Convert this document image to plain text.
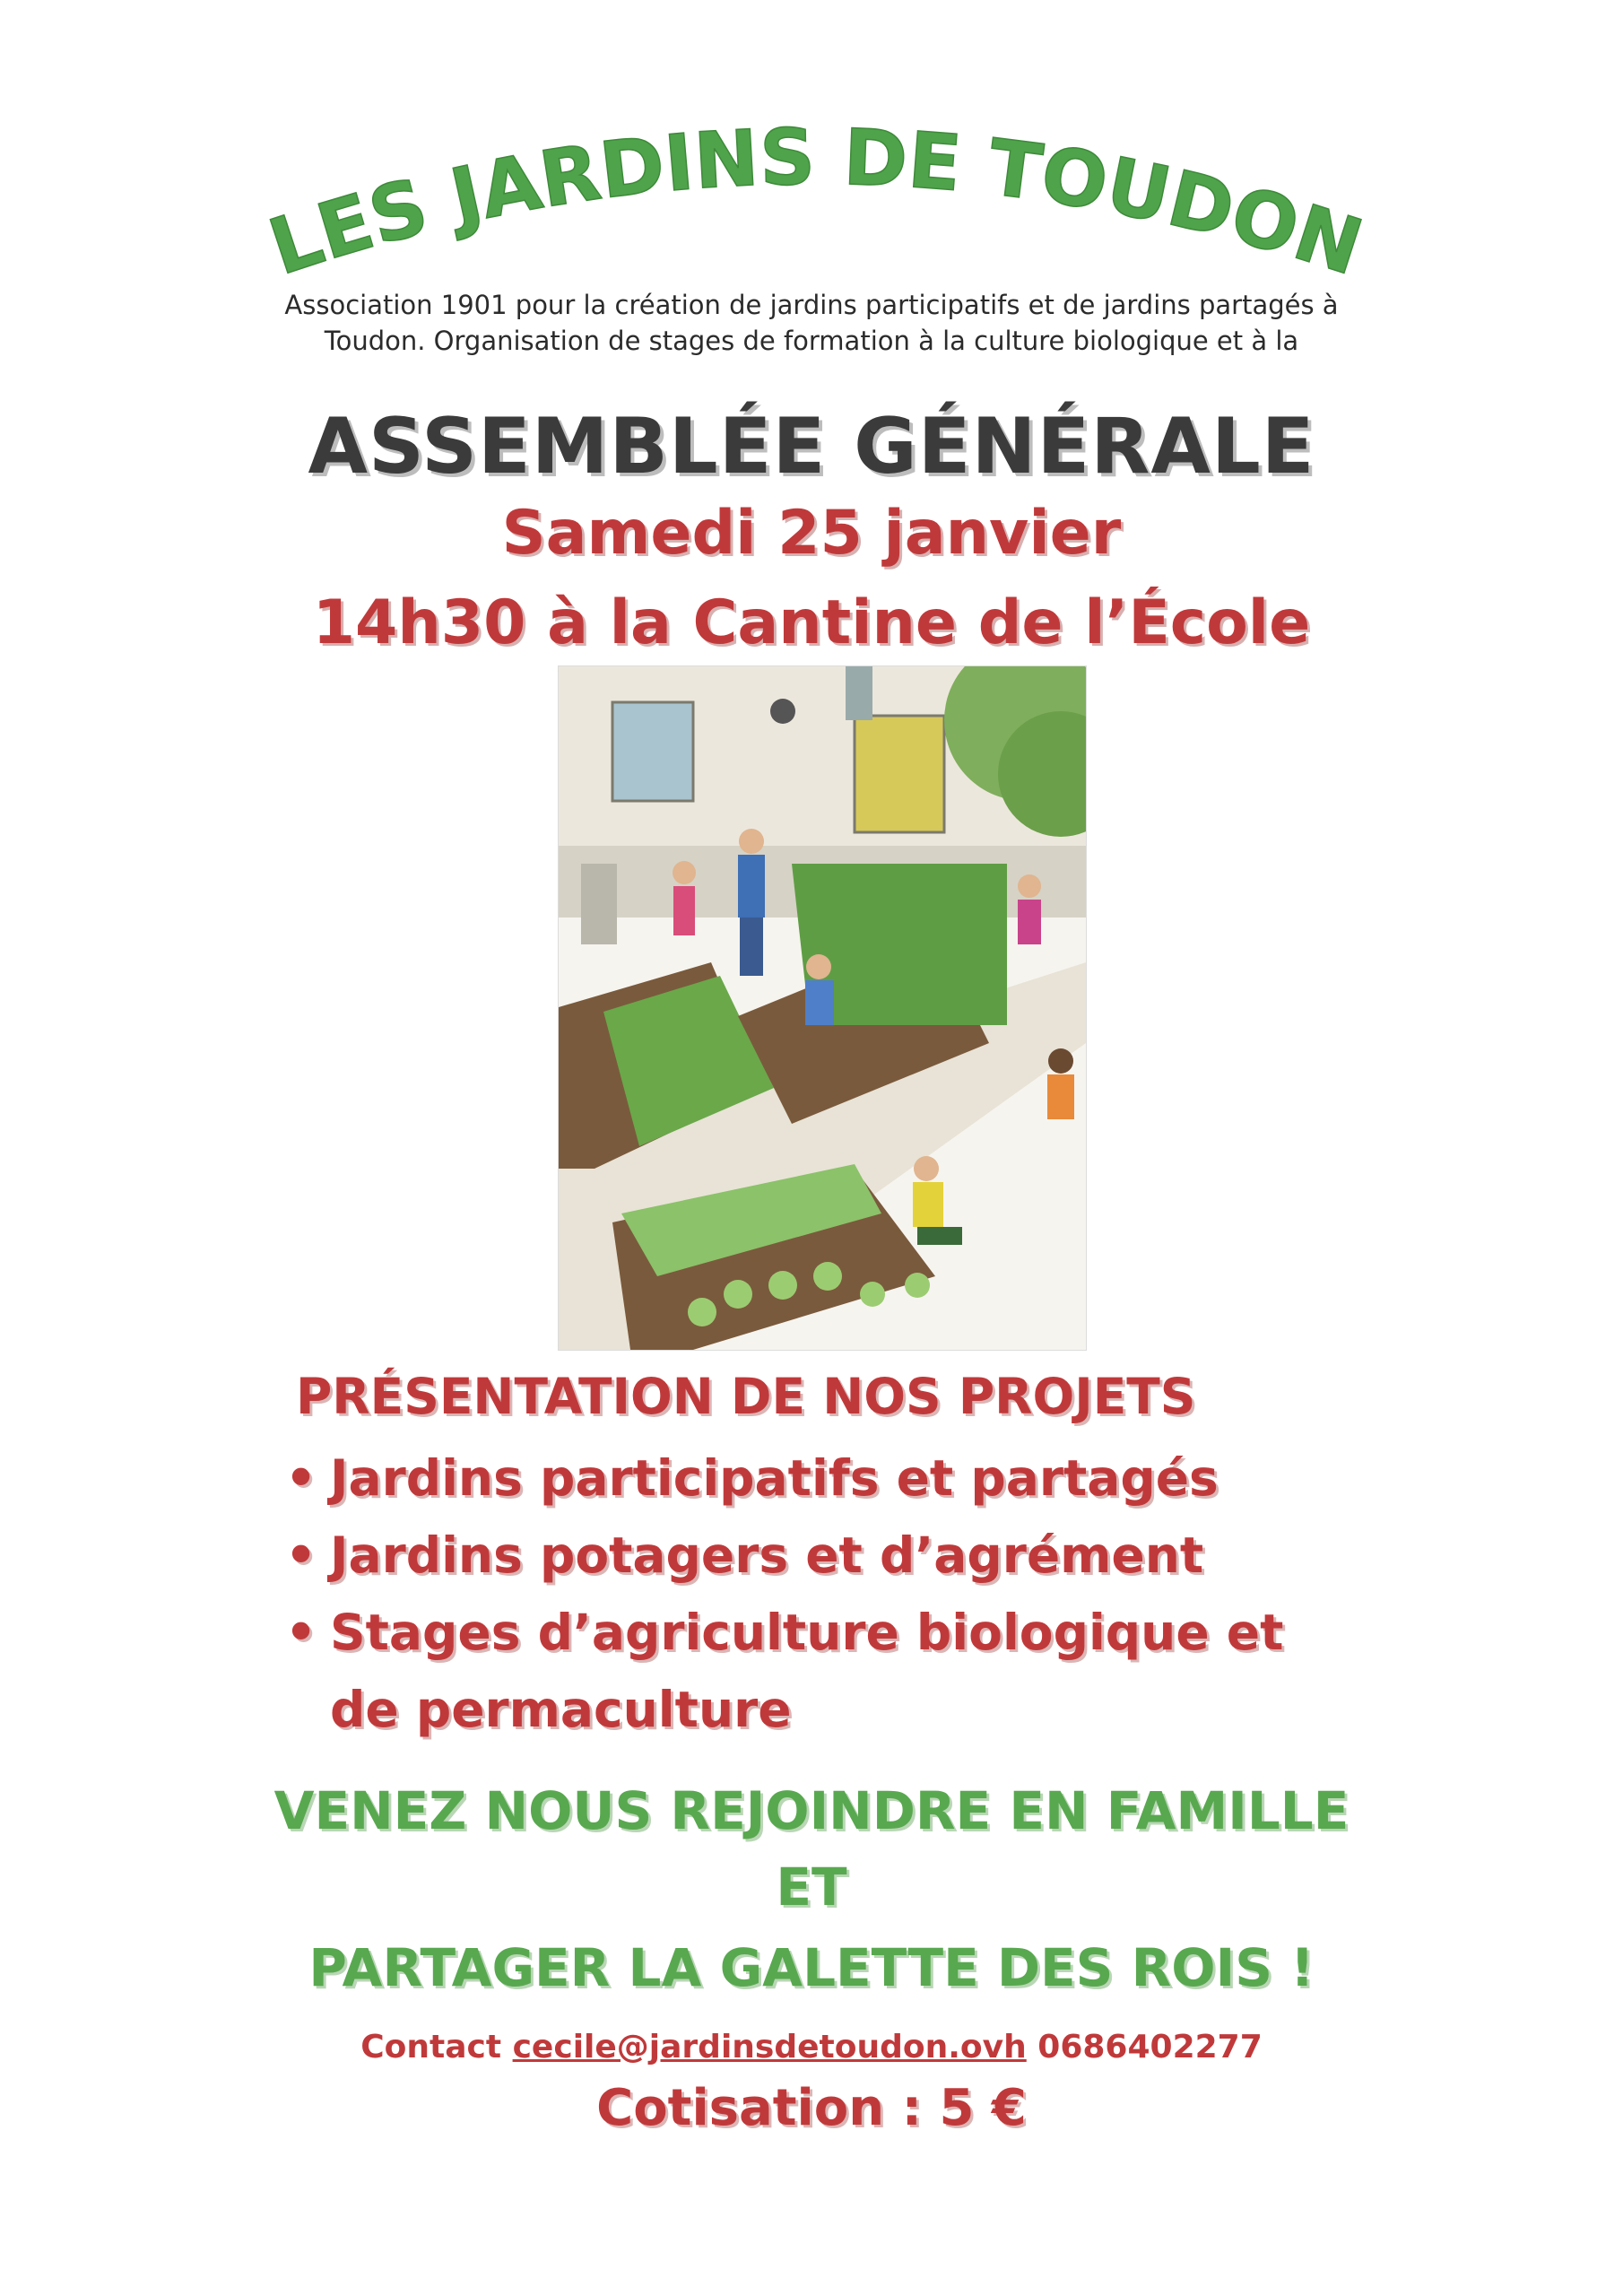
LES JARDINS DE TOUDON
Association 1901 pour la création de jardins participatifs et de jardins partagés à
Toudon. Organisation de stages de formation à la culture biologique et à la
ASSEMBLÉE GÉNÉRALE
Samedi 25 janvier
14h30 à la Cantine de l’École
PRÉSENTATION DE NOS PROJETS
• Jardins participatifs et partagés
• Jardins potagers et d’agrément
• Stages d’agriculture biologique et
de permaculture
VENEZ NOUS REJOINDRE EN FAMILLE
ET
PARTAGER LA GALETTE DES ROIS !
Contact cecile@jardinsdetoudon.ovh 0686402277
Cotisation : 5 €
